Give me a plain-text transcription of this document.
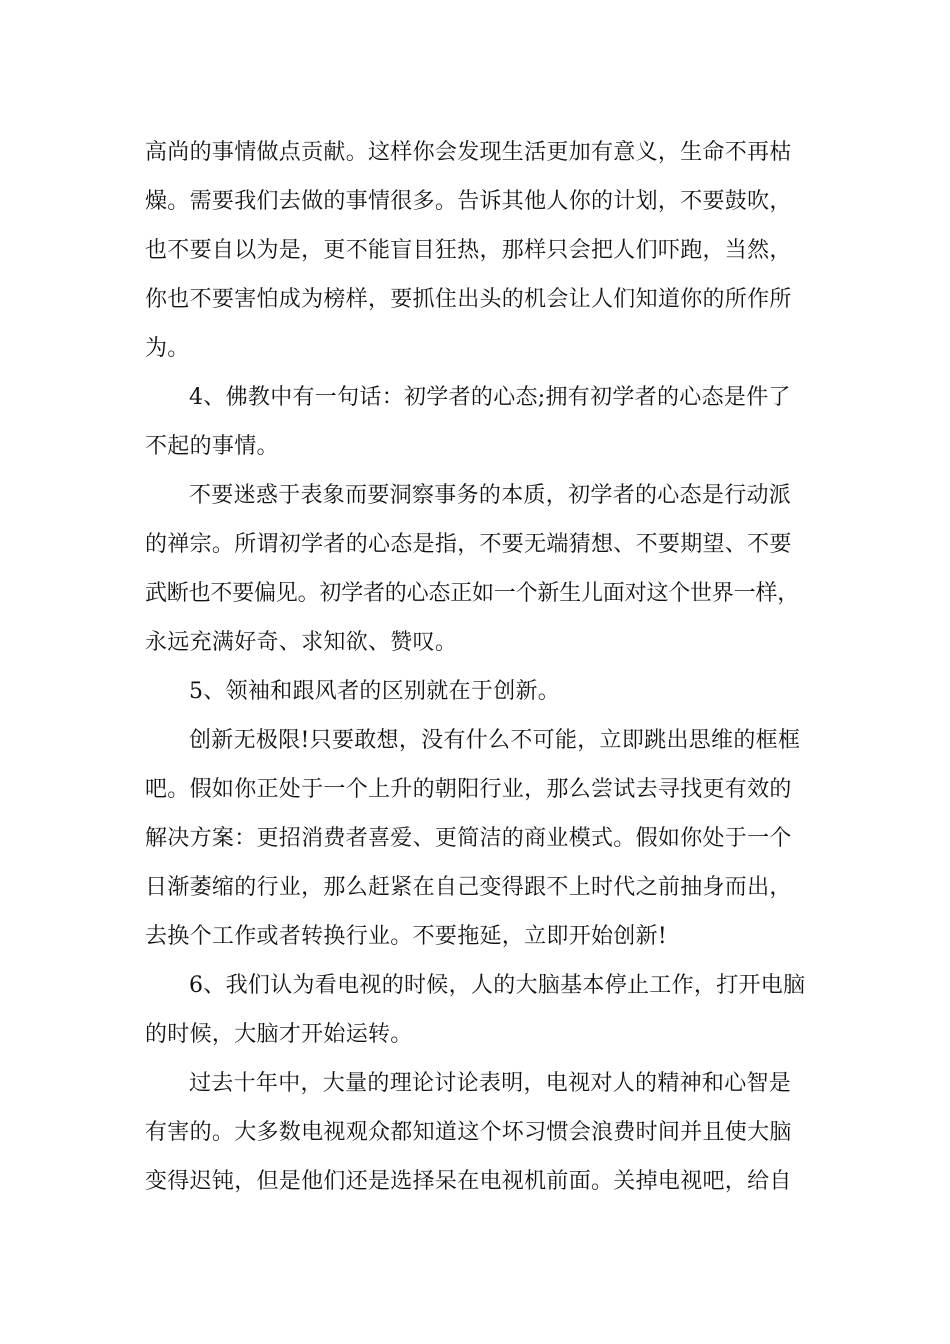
高尚的事情做点贡献。这样你会发现生活更加有意义，生命不再枯
燥。需要我们去做的事情很多。告诉其他人你的计划，不要鼓吹，
也不要自以为是，更不能盲目狂热，那样只会把人们吓跑，当然，
你也不要害怕成为榜样，要抓住出头的机会让人们知道你的所作所
为。
4、佛教中有一句话：初学者的心态;拥有初学者的心态是件了
不起的事情。
不要迷惑于表象而要洞察事务的本质，初学者的心态是行动派
的禅宗。所谓初学者的心态是指，不要无端猜想、不要期望、不要
武断也不要偏见。初学者的心态正如一个新生儿面对这个世界一样，
永远充满好奇、求知欲、赞叹。
5、领袖和跟风者的区别就在于创新。
创新无极限!只要敢想，没有什么不可能，立即跳出思维的框框
吧。假如你正处于一个上升的朝阳行业，那么尝试去寻找更有效的
解决方案：更招消费者喜爱、更简洁的商业模式。假如你处于一个
日渐萎缩的行业，那么赶紧在自己变得跟不上时代之前抽身而出，
去换个工作或者转换行业。不要拖延，立即开始创新!
6、我们认为看电视的时候，人的大脑基本停止工作，打开电脑
的时候，大脑才开始运转。
过去十年中，大量的理论讨论表明，电视对人的精神和心智是
有害的。大多数电视观众都知道这个坏习惯会浪费时间并且使大脑
变得迟钝，但是他们还是选择呆在电视机前面。关掉电视吧，给自
